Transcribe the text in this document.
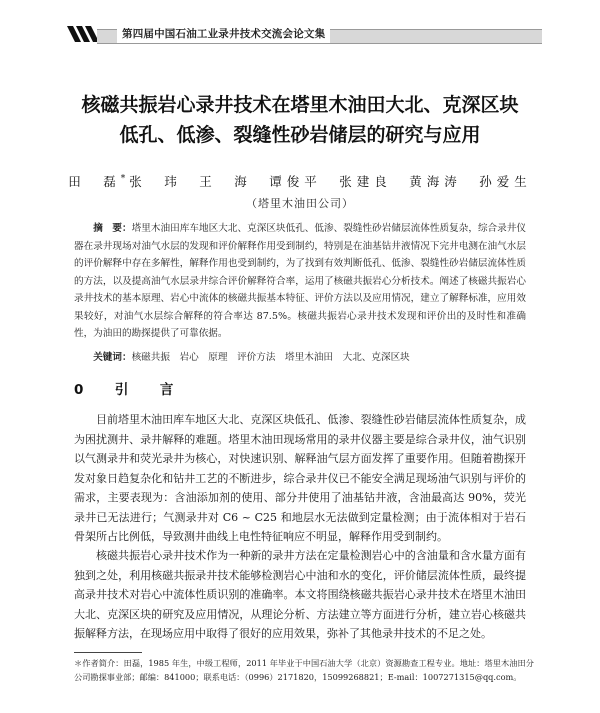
第四届中国石油工业录井技术交流会论文集
核磁共振岩心录井技术在塔里木油田大北、克深区块
低孔、低渗、裂缝性砂岩储层的研究与应用
田　磊* 张　玮　王　海　谭俊平　张建良　黄海涛　孙爱生
（塔里木油田公司）
摘　要：塔里木油田库车地区大北、克深区块低孔、低渗、裂缝性砂岩储层流体性质复杂，综合录井仪器在录井现场对油气水层的发现和评价解释作用受到制约，特别是在油基钻井液情况下完井电测在油气水层的评价解释中存在多解性，解释作用也受到制约，为了找到有效判断低孔、低渗、裂缝性砂岩储层流体性质的方法，以及提高油气水层录井综合评价解释符合率，运用了核磁共振岩心分析技术。阐述了核磁共振岩心录井技术的基本原理、岩心中流体的核磁共振基本特征、评价方法以及应用情况，建立了解释标准，应用效果较好，对油气水层综合解释的符合率达 87.5%。核磁共振岩心录井技术发现和评价出的及时性和准确性，为油田的勘探提供了可靠依据。
关键词：核磁共振　岩心　原理　评价方法　塔里木油田　大北、克深区块
0　引　言

目前塔里木油田库车地区大北、克深区块低孔、低渗、裂缝性砂岩储层流体性质复杂，成为困扰测井、录井解释的难题。塔里木油田现场常用的录井仪器主要是综合录井仪，油气识别以气测录井和荧光录井为核心，对快速识别、解释油气层方面发挥了重要作用。但随着勘探开发对象日趋复杂化和钻井工艺的不断进步，综合录井仪已不能安全满足现场油气识别与评价的需求，主要表现为：含油添加剂的使用、部分井使用了油基钻井液，含油最高达 90%，荧光录井已无法进行；气测录井对 C6 ~ C25 和地层水无法做到定量检测；由于流体相对于岩石骨架所占比例低，导致测井曲线上电性特征响应不明显，解释作用受到制约。

核磁共振岩心录井技术作为一种新的录井方法在定量检测岩心中的含油量和含水量方面有独到之处，利用核磁共振录井技术能够检测岩心中油和水的变化，评价储层流体性质，最终提高录井技术对岩心中流体性质识别的准确率。本文将围绕核磁共振岩心录井技术在塔里木油田大北、克深区块的研究及应用情况，从理论分析、方法建立等方面进行分析，建立岩心核磁共振解释方法，在现场应用中取得了很好的应用效果，弥补了其他录井技术的不足之处。

＊作者简介：田磊，1985 年生，中级工程师，2011 年毕业于中国石油大学（北京）资源勘查工程专业。地址：塔里木油田分公司勘探事业部；邮编：841000；联系电话：（0996）2171820，15099268821；E-mail：1007271315@qq.com。
